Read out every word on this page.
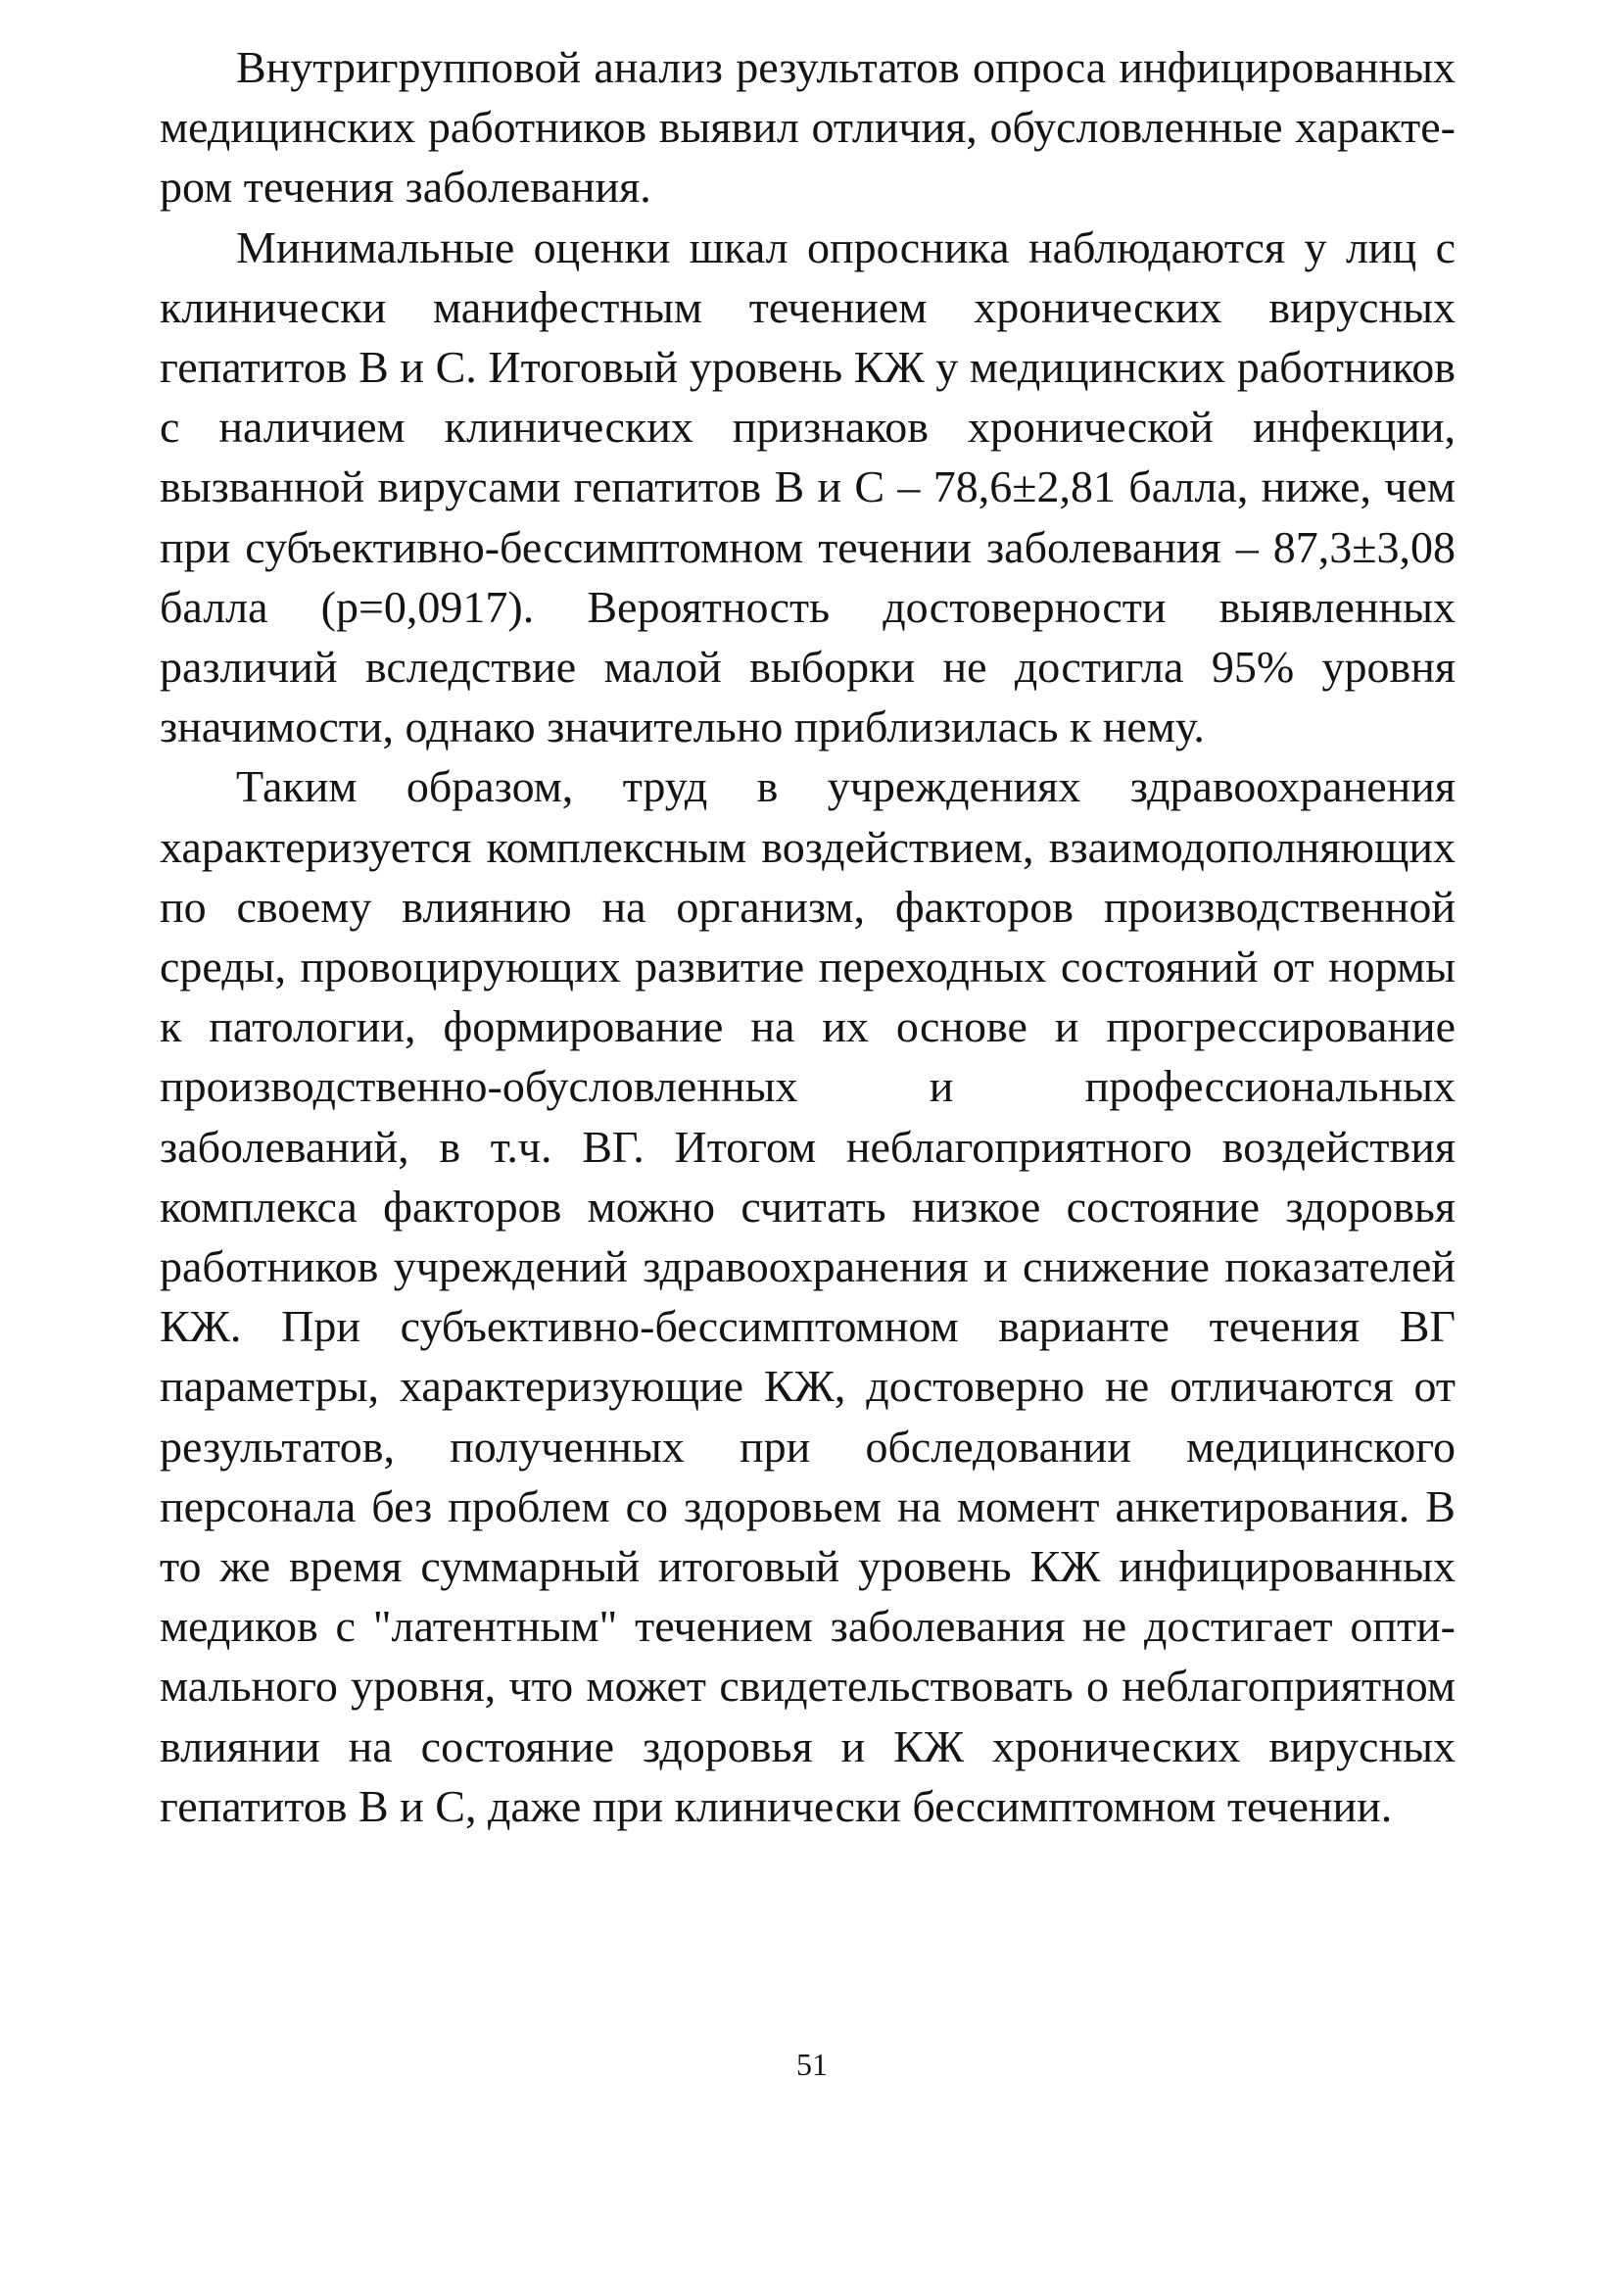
Внутригрупповой анализ результатов опроса инфицированных медицинских работников выявил отличия, обусловленные характером течения заболевания.

Минимальные оценки шкал опросника наблюдаются у лиц с клинически манифестным течением хронических вирусных гепатитов В и С. Итоговый уровень КЖ у медицинских работников с наличием клинических признаков хронической инфекции, вызванной вирусами гепатитов В и С – 78,6±2,81 балла, ниже, чем при субъективно-бессимптомном течении заболевания – 87,3±3,08 балла (р=0,0917). Вероятность достоверности выявленных различий вследствие малой выборки не достигла 95% уровня значимости, однако значительно приблизилась к нему.

Таким образом, труд в учреждениях здравоохранения характеризуется комплексным воздействием, взаимодополняющих по своему влиянию на организм, факторов производственной среды, провоцирующих развитие переходных состояний от нормы к патологии, формирование на их основе и прогрессирование производственно-обусловленных и профессиональных заболеваний, в т.ч. ВГ. Итогом неблагоприятного воздействия комплекса факторов можно считать низкое состояние здоровья работников учреждений здравоохранения и снижение показателей КЖ. При субъективно-бессимптомном варианте течения ВГ параметры, характеризующие КЖ, достоверно не отличаются от результатов, полученных при обследовании медицинского персонала без проблем со здоровьем на момент анкетирования. В то же время суммарный итоговый уровень КЖ инфицированных медиков с "латентным" течением заболевания не достигает оптимального уровня, что может свидетельствовать о неблагоприятном влиянии на состояние здоровья и КЖ хронических вирусных гепатитов В и С, даже при клинически бессимптомном течении.

51
